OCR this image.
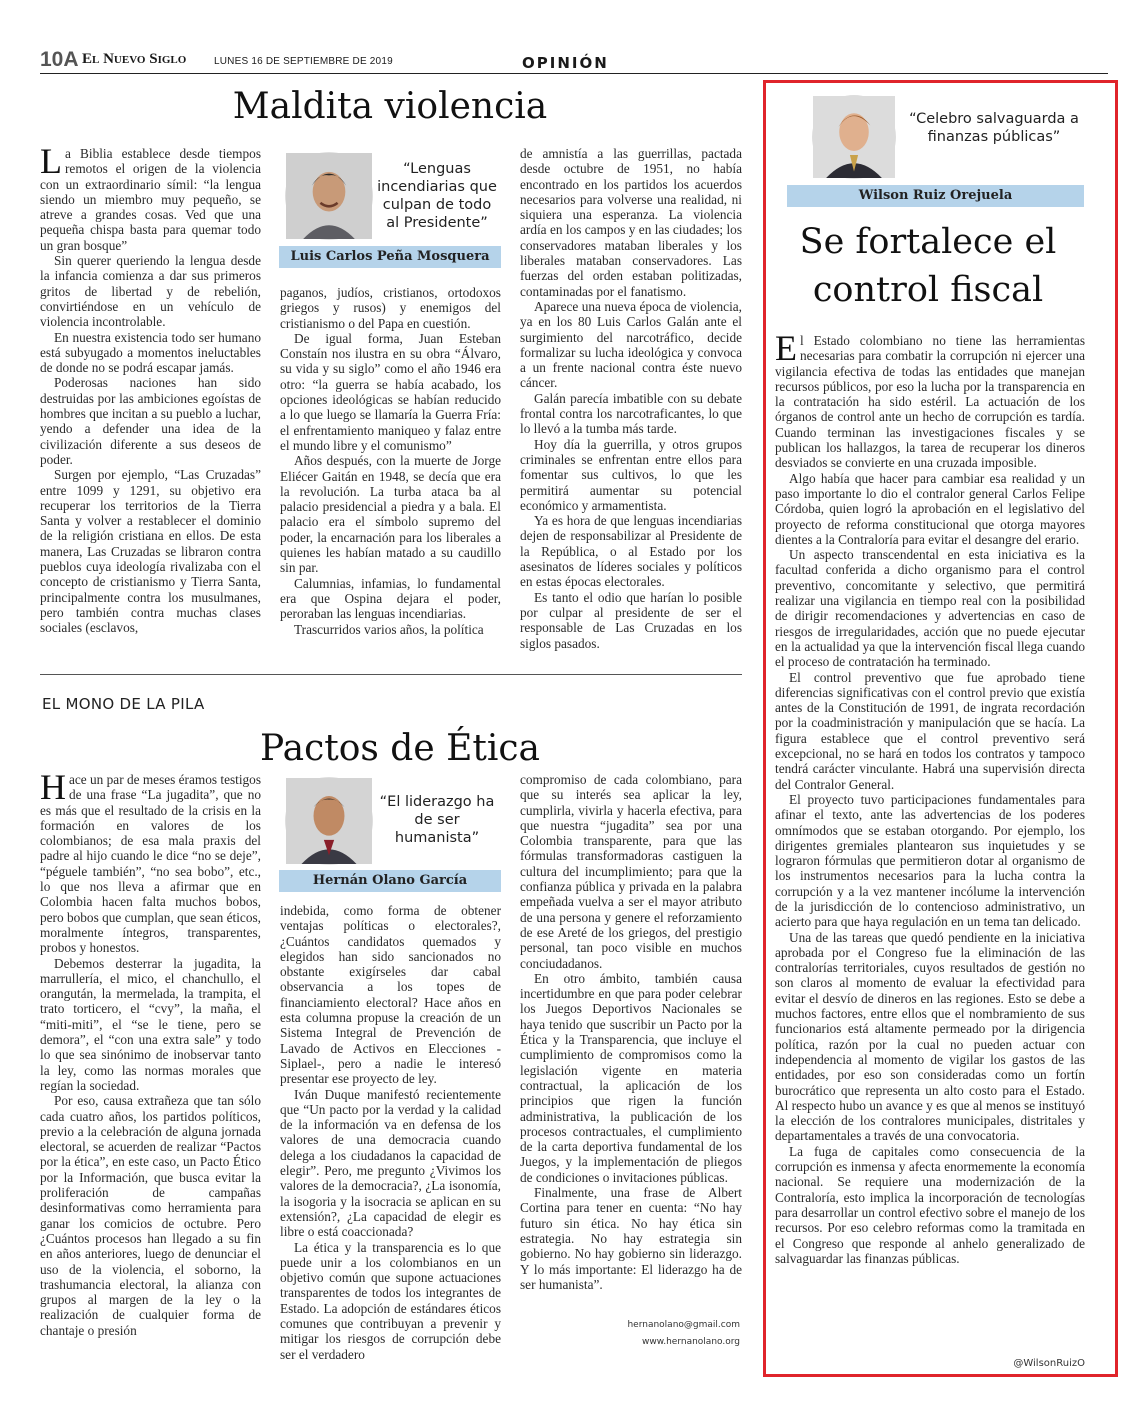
10A El Nuevo Siglo	LUNES 16 DE SEPTIEMBRE DE 2019	OPINIÓN
Maldita violencia
L a Biblia establece desde tiempos remotos el origen de la violencia con un extraordinario símil: “la lengua siendo un miembro muy pequeño, se atreve a grandes cosas. Ved que una pequeña chispa basta para quemar todo un gran bosque”

Sin querer queriendo la lengua desde la infancia comienza a dar sus primeros gritos de libertad y de rebelión, convirtiéndose en un vehículo de violencia incontrolable.

En nuestra existencia todo ser humano está subyugado a momentos ineluctables de donde no se podrá escapar jamás.

Poderosas naciones han sido destruidas por las ambiciones egoístas de hombres que incitan a su pueblo a luchar, yendo a defender una idea de la civilización diferente a sus deseos de poder.

Surgen por ejemplo, “Las Cruzadas” entre 1099 y 1291, su objetivo era recuperar los territorios de la Tierra Santa y volver a restablecer el dominio de la religión cristiana en ellos. De esta manera, Las Cruzadas se libraron contra pueblos cuya ideología rivalizaba con el concepto de cristianismo y Tierra Santa, principalmente contra los musulmanes, pero también contra muchas clases sociales (esclavos,

“Lenguas incendiarias que culpan de todo al Presidente”
Luis Carlos Peña Mosquera

paganos, judíos, cristianos, ortodoxos griegos y rusos) y enemigos del cristianismo o del Papa en cuestión.

De igual forma, Juan Esteban Constaín nos ilustra en su obra “Álvaro, su vida y su siglo” como el año 1946 era otro: “la guerra se había acabado, los opciones ideológicas se habían reducido a lo que luego se llamaría la Guerra Fría: el enfrentamiento maniqueo y falaz entre el mundo libre y el comunismo”

Años después, con la muerte de Jorge Eliécer Gaitán en 1948, se decía que era la revolución. La turba ataca ba al palacio presidencial a piedra y a bala. El palacio era el símbolo supremo del poder, la encarnación para los liberales a quienes les habían matado a su caudillo sin par.

Calumnias, infamias, lo fundamental era que Ospina dejara el poder, peroraban las lenguas incendiarias.

Trascurridos varios años, la política

de amnistía a las guerrillas, pactada desde octubre de 1951, no había encontrado en los partidos los acuerdos necesarios para volverse una realidad, ni siquiera una esperanza. La violencia ardía en los campos y en las ciudades; los conservadores mataban liberales y los liberales mataban conservadores. Las fuerzas del orden estaban politizadas, contaminadas por el fanatismo.

Aparece una nueva época de violencia, ya en los 80 Luis Carlos Galán ante el surgimiento del narcotráfico, decide formalizar su lucha ideológica y convoca a un frente nacional contra éste nuevo cáncer.

Galán parecía imbatible con su debate frontal contra los narcotraficantes, lo que lo llevó a la tumba más tarde.

Hoy día la guerrilla, y otros grupos criminales se enfrentan entre ellos para fomentar sus cultivos, lo que les permitirá aumentar su potencial económico y armamentista.

Ya es hora de que lenguas incendiarias dejen de responsabilizar al Presidente de la República, o al Estado por los asesinatos de líderes sociales y políticos en estas épocas electorales.

Es tanto el odio que harían lo posible por culpar al presidente de ser el responsable de Las Cruzadas en los siglos pasados.

EL MONO DE LA PILA
Pactos de Ética
H ace un par de meses éramos testigos de una frase “La jugadita”, que no es más que el resultado de la crisis en la formación en valores de los colombianos; de esa mala praxis del padre al hijo cuando le dice “no se deje”, “péguele también”, “no sea bobo”, etc., lo que nos lleva a afirmar que en Colombia hacen falta muchos bobos, pero bobos que cumplan, que sean éticos, moralmente íntegros, transparentes, probos y honestos.

Debemos desterrar la jugadita, la marrullería, el mico, el chanchullo, el orangután, la mermelada, la trampita, el trato torticero, el “cvy”, la maña, el “miti-miti”, el “se le tiene, pero se demora”, el “con una extra sale” y todo lo que sea sinónimo de inobservar tanto la ley, como las normas morales que regían la sociedad.

Por eso, causa extrañeza que tan sólo cada cuatro años, los partidos políticos, previo a la celebración de alguna jornada electoral, se acuerden de realizar “Pactos por la ética”, en este caso, un Pacto Ético por la Información, que busca evitar la proliferación de campañas desinformativas como herramienta para ganar los comicios de octubre. Pero ¿Cuántos procesos han llegado a su fin en años anteriores, luego de denunciar el uso de la violencia, el soborno, la trashumancia electoral, la alianza con grupos al margen de la ley o la realización de cualquier forma de chantaje o presión

“El liderazgo ha de ser humanista”
Hernán Olano García

indebida, como forma de obtener ventajas políticas o electorales?, ¿Cuántos candidatos quemados y elegidos han sido sancionados no obstante exigírseles dar cabal observancia a los topes de financiamiento electoral? Hace años en esta columna propuse la creación de un Sistema Integral de Prevención de Lavado de Activos en Elecciones -Siplael-, pero a nadie le interesó presentar ese proyecto de ley.

Iván Duque manifestó recientemente que “Un pacto por la verdad y la calidad de la información va en defensa de los valores de una democracia cuando delega a los ciudadanos la capacidad de elegir”. Pero, me pregunto ¿Vivimos los valores de la democracia?, ¿La isonomía, la isogoria y la isocracia se aplican en su extensión?, ¿La capacidad de elegir es libre o está coaccionada?

La ética y la transparencia es lo que puede unir a los colombianos en un objetivo común que supone actuaciones transparentes de todos los integrantes de Estado. La adopción de estándares éticos comunes que contribuyan a prevenir y mitigar los riesgos de corrupción debe ser el verdadero

compromiso de cada colombiano, para que su interés sea aplicar la ley, cumplirla, vivirla y hacerla efectiva, para que nuestra “jugadita” sea por una Colombia transparente, para que las fórmulas transformadoras castiguen la cultura del incumplimiento; para que la confianza pública y privada en la palabra empeñada vuelva a ser el mayor atributo de una persona y genere el reforzamiento de ese Areté de los griegos, del prestigio personal, tan poco visible en muchos conciudadanos.

En otro ámbito, también causa incertidumbre en que para poder celebrar los Juegos Deportivos Nacionales se haya tenido que suscribir un Pacto por la Ética y la Transparencia, que incluye el cumplimiento de compromisos como la legislación vigente en materia contractual, la aplicación de los principios que rigen la función administrativa, la publicación de los procesos contractuales, el cumplimiento de la carta deportiva fundamental de los Juegos, y la implementación de pliegos de condiciones o invitaciones públicas.

Finalmente, una frase de Albert Cortina para tener en cuenta: “No hay futuro sin ética. No hay ética sin estrategia. No hay estrategia sin gobierno. No hay gobierno sin liderazgo. Y lo más importante: El liderazgo ha de ser humanista”.

hernanolano@gmail.com
www.hernanolano.org
“Celebro salvaguarda a finanzas públicas”
Wilson Ruiz Orejuela
Se fortalece el
control fiscal
E l Estado colombiano no tiene las herramientas necesarias para combatir la corrupción ni ejercer una vigilancia efectiva de todas las entidades que manejan recursos públicos, por eso la lucha por la transparencia en la contratación ha sido estéril. La actuación de los órganos de control ante un hecho de corrupción es tardía. Cuando terminan las investigaciones fiscales y se publican los hallazgos, la tarea de recuperar los dineros desviados se convierte en una cruzada imposible.

Algo había que hacer para cambiar esa realidad y un paso importante lo dio el contralor general Carlos Felipe Córdoba, quien logró la aprobación en el legislativo del proyecto de reforma constitucional que otorga mayores dientes a la Contraloría para evitar el desangre del erario.

Un aspecto transcendental en esta iniciativa es la facultad conferida a dicho organismo para el control preventivo, concomitante y selectivo, que permitirá realizar una vigilancia en tiempo real con la posibilidad de dirigir recomendaciones y advertencias en caso de riesgos de irregularidades, acción que no puede ejecutar en la actualidad ya que la intervención fiscal llega cuando el proceso de contratación ha terminado.

El control preventivo que fue aprobado tiene diferencias significativas con el control previo que existía antes de la Constitución de 1991, de ingrata recordación por la coadministración y manipulación que se hacía. La figura establece que el control preventivo será excepcional, no se hará en todos los contratos y tampoco tendrá carácter vinculante. Habrá una supervisión directa del Contralor General.

El proyecto tuvo participaciones fundamentales para afinar el texto, ante las advertencias de los poderes omnímodos que se estaban otorgando. Por ejemplo, los dirigentes gremiales plantearon sus inquietudes y se lograron fórmulas que permitieron dotar al organismo de los instrumentos necesarios para la lucha contra la corrupción y a la vez mantener incólume la intervención de la jurisdicción de lo contencioso administrativo, un acierto para que haya regulación en un tema tan delicado.

Una de las tareas que quedó pendiente en la iniciativa aprobada por el Congreso fue la eliminación de las contralorías territoriales, cuyos resultados de gestión no son claros al momento de evaluar la efectividad para evitar el desvío de dineros en las regiones. Esto se debe a muchos factores, entre ellos que el nombramiento de sus funcionarios está altamente permeado por la dirigencia política, razón por la cual no pueden actuar con independencia al momento de vigilar los gastos de las entidades, por eso son consideradas como un fortín burocrático que representa un alto costo para el Estado. Al respecto hubo un avance y es que al menos se instituyó la elección de los contralores municipales, distritales y departamentales a través de una convocatoria.

La fuga de capitales como consecuencia de la corrupción es inmensa y afecta enormemente la economía nacional. Se requiere una modernización de la Contraloría, esto implica la incorporación de tecnologías para desarrollar un control efectivo sobre el manejo de los recursos. Por eso celebro reformas como la tramitada en el Congreso que responde al anhelo generalizado de salvaguardar las finanzas públicas.

@WilsonRuizO
